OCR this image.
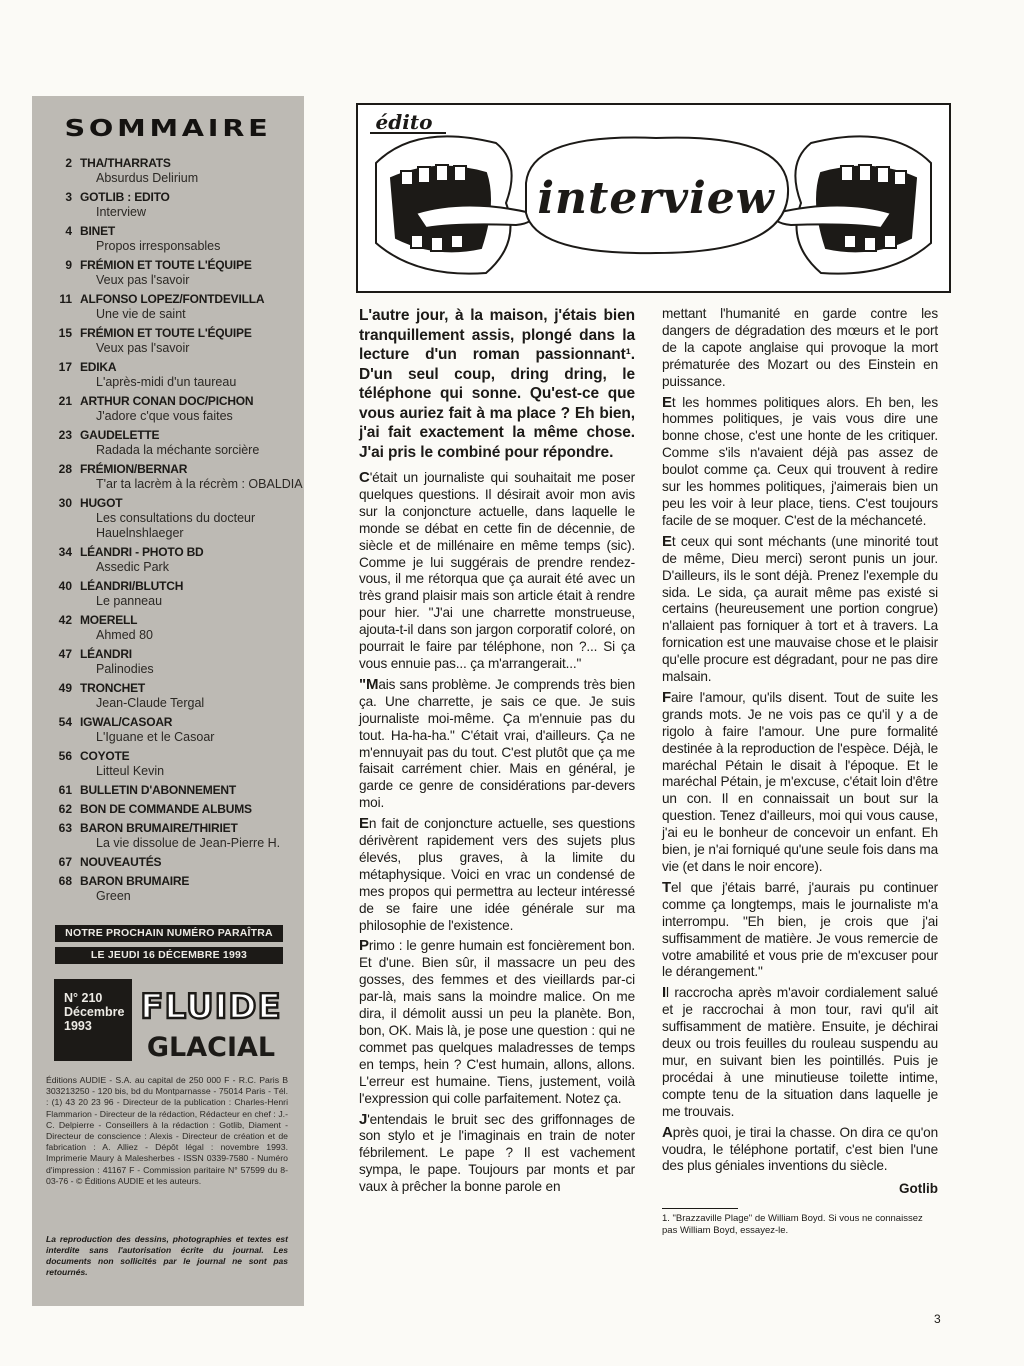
SOMMAIRE
2 THA/THARRATS
Absurdus Delirium
3 GOTLIB : EDITO
Interview
4 BINET
Propos irresponsables
9 FRÉMION ET TOUTE L'ÉQUIPE
Veux pas l'savoir
11 ALFONSO LOPEZ/FONTDEVILLA
Une vie de saint
15 FRÉMION ET TOUTE L'ÉQUIPE
Veux pas l'savoir
17 EDIKA
L'après-midi d'un taureau
21 ARTHUR CONAN DOC/PICHON
J'adore c'que vous faites
23 GAUDELETTE
Radada la méchante sorcière
28 FRÉMION/BERNAR
T'ar ta lacrèm à la récrèm : OBALDIA
30 HUGOT
Les consultations du docteur Hauelnshlaeger
34 LÉANDRI - PHOTO BD
Assedic Park
40 LÉANDRI/BLUTCH
Le panneau
42 MOERELL
Ahmed 80
47 LÉANDRI
Palinodies
49 TRONCHET
Jean-Claude Tergal
54 IGWAL/CASOAR
L'Iguane et le Casoar
56 COYOTE
Litteul Kevin
61 BULLETIN D'ABONNEMENT
62 BON DE COMMANDE ALBUMS
63 BARON BRUMAIRE/THIRIET
La vie dissolue de Jean-Pierre H.
67 NOUVEAUTÉS
68 BARON BRUMAIRE
Green
NOTRE PROCHAIN NUMÉRO PARAÎTRA
LE JEUDI 16 DÉCEMBRE 1993
N° 210
Décembre
1993	FLUIDE
GLACIAL
Éditions AUDIE - S.A. au capital de 250 000 F - R.C. Paris B 303213250 - 120 bis, bd du Montparnasse - 75014 Paris - Tél. : (1) 43 20 23 96 - Directeur de la publication : Charles-Henri Flammarion - Directeur de la rédaction, Rédacteur en chef : J.-C. Delpierre - Conseillers à la rédaction : Gotlib, Diament - Directeur de conscience : Alexis - Directeur de création et de fabrication : A. Alliez - Dépôt légal : novembre 1993. Imprimerie Maury à Malesherbes - ISSN 0339-7580 - Numéro d'impression : 41167 F - Commission paritaire N° 57599 du 8-03-76 - © Éditions AUDIE et les auteurs.
La reproduction des dessins, photographies et textes est interdite sans l'autorisation écrite du journal. Les documents non sollicités par le journal ne sont pas retournés.
interview
édito

L'autre jour, à la maison, j'étais bien tranquillement assis, plongé dans la lecture d'un roman passionnant¹. D'un seul coup, dring dring, le téléphone qui sonne. Qu'est-ce que vous auriez fait à ma place ? Eh bien, j'ai fait exactement la même chose. J'ai pris le combiné pour répondre.

C'était un journaliste qui souhaitait me poser quelques questions. Il désirait avoir mon avis sur la conjoncture actuelle, dans laquelle le monde se débat en cette fin de décennie, de siècle et de millénaire en même temps (sic). Comme je lui suggérais de prendre rendez-vous, il me rétorqua que ça aurait été avec un très grand plaisir mais son article était à rendre pour hier. "J'ai une charrette monstrueuse, ajouta-t-il dans son jargon corporatif coloré, on pourrait le faire par téléphone, non ?... Si ça vous ennuie pas... ça m'arrangerait..."

"Mais sans problème. Je comprends très bien ça. Une charrette, je sais ce que. Je suis journaliste moi-même. Ça m'ennuie pas du tout. Ha-ha-ha." C'était vrai, d'ailleurs. Ça ne m'ennuyait pas du tout. C'est plutôt que ça me faisait carrément chier. Mais en général, je garde ce genre de considérations par-devers moi.

En fait de conjoncture actuelle, ses questions dérivèrent rapidement vers des sujets plus élevés, plus graves, à la limite du métaphysique. Voici en vrac un condensé de mes propos qui permettra au lecteur intéressé de se faire une idée générale sur ma philosophie de l'existence.

Primo : le genre humain est foncièrement bon. Et d'une. Bien sûr, il massacre un peu des gosses, des femmes et des vieillards par-ci par-là, mais sans la moindre malice. On me dira, il démolit aussi un peu la planète. Bon, bon, OK. Mais là, je pose une question : qui ne commet pas quelques maladresses de temps en temps, hein ? C'est humain, allons, allons. L'erreur est humaine. Tiens, justement, voilà l'expression qui colle parfaitement. Notez ça.

J'entendais le bruit sec des griffonnages de son stylo et je l'imaginais en train de noter fébrilement. Le pape ? Il est vachement sympa, le pape. Toujours par monts et par vaux à prêcher la bonne parole en

mettant l'humanité en garde contre les dangers de dégradation des mœurs et le port de la capote anglaise qui provoque la mort prématurée des Mozart ou des Einstein en puissance.

Et les hommes politiques alors. Eh ben, les hommes politiques, je vais vous dire une bonne chose, c'est une honte de les critiquer. Comme s'ils n'avaient déjà pas assez de boulot comme ça. Ceux qui trouvent à redire sur les hommes politiques, j'aimerais bien un peu les voir à leur place, tiens. C'est toujours facile de se moquer. C'est de la méchanceté.

Et ceux qui sont méchants (une minorité tout de même, Dieu merci) seront punis un jour. D'ailleurs, ils le sont déjà. Prenez l'exemple du sida. Le sida, ça aurait même pas existé si certains (heureusement une portion congrue) n'allaient pas forniquer à tort et à travers. La fornication est une mauvaise chose et le plaisir qu'elle procure est dégradant, pour ne pas dire malsain.

Faire l'amour, qu'ils disent. Tout de suite les grands mots. Je ne vois pas ce qu'il y a de rigolo à faire l'amour. Une pure formalité destinée à la reproduction de l'espèce. Déjà, le maréchal Pétain le disait à l'époque. Et le maréchal Pétain, je m'excuse, c'était loin d'être un con. Il en connaissait un bout sur la question. Tenez d'ailleurs, moi qui vous cause, j'ai eu le bonheur de concevoir un enfant. Eh bien, je n'ai forniqué qu'une seule fois dans ma vie (et dans le noir encore).

Tel que j'étais barré, j'aurais pu continuer comme ça longtemps, mais le journaliste m'a interrompu. "Eh bien, je crois que j'ai suffisamment de matière. Je vous remercie de votre amabilité et vous prie de m'excuser pour le dérangement."

Il raccrocha après m'avoir cordialement salué et je raccrochai à mon tour, ravi qu'il ait suffisamment de matière. Ensuite, je déchirai deux ou trois feuilles du rouleau suspendu au mur, en suivant bien les pointillés. Puis je procédai à une minutieuse toilette intime, compte tenu de la situation dans laquelle je me trouvais.

Après quoi, je tirai la chasse. On dira ce qu'on voudra, le téléphone portatif, c'est bien l'une des plus géniales inventions du siècle.

Gotlib
1. "Brazzaville Plage" de William Boyd. Si vous ne connaissez pas William Boyd, essayez-le.
3
